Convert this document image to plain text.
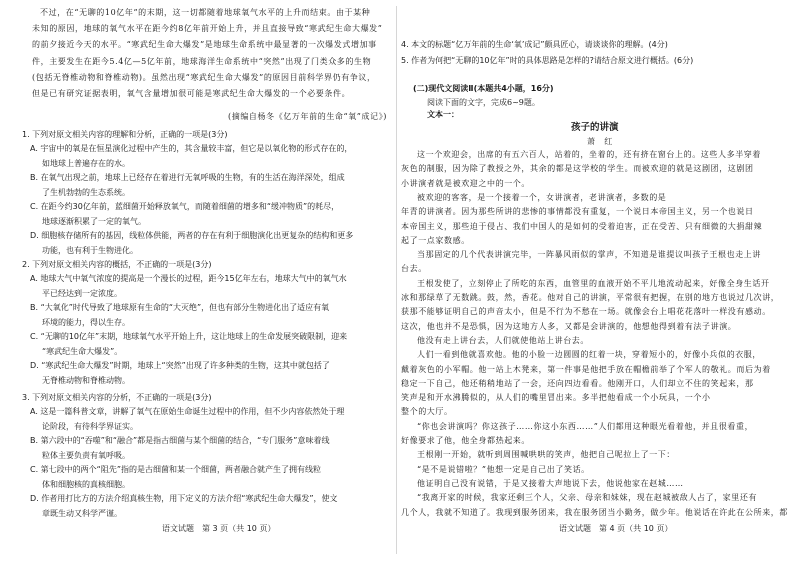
不过，在“无聊的10亿年”的末期，这一切都随着地球氧气水平的上升而结束。由于某种
未知的原因，地球的氧气水平在距今约8亿年前开始上升，并且直接导致“寒武纪生命大爆发”
的前夕接近今天的水平。“寒武纪生命大爆发”是地球生命系统中最显著的一次爆发式增加事
件，主要发生在距今5.4亿—5亿年前，地球海洋生命系统中“突然”出现了门类众多的生物
(包括无脊椎动物和脊椎动物)。虽然出现“寒武纪生命大爆发”的原因目前科学界仍有争议，
但是已有研究证据表明，氧气含量增加很可能是寒武纪生命大爆发的一个必要条件。
(摘编自杨冬《亿万年前的生命“氧”成记》)
1. 下列对原文相关内容的理解和分析，正确的一项是(3分)
A. 宇宙中的氧是在恒星演化过程中产生的，其含量较丰富，但它是以氧化物的形式存在的，
如地球上普遍存在的水。
B. 在氧气出现之前，地球上已经存在着进行无氧呼吸的生物，有的生活在海洋深处，组成
了生机勃勃的生态系统。
C. 在距今约30亿年前，蓝细菌开始释放氧气，而随着细菌的增多和“缓冲物质”的耗尽，
地球逐渐积累了一定的氧气。
D. 细胞核存储所有的基因，线粒体供能，两者的存在有利于细胞演化出更复杂的结构和更多
功能，也有利于生物进化。
2. 下列对原文相关内容的概括，不正确的一项是(3分)
A. 地球大气中氧气浓度的提高是一个漫长的过程，距今15亿年左右，地球大气中的氧气水
平已经达到一定浓度。
B. “大氧化”时代导致了地球原有生命的“大灭绝”，但也有部分生物进化出了适应有氧
环境的能力，得以生存。
C. “无聊的10亿年”末期，地球氧气水平开始上升，这让地球上的生命发展突破限制，迎来
“寒武纪生命大爆发”。
D. “寒武纪生命大爆发”时期，地球上“突然”出现了许多种类的生物，这其中就包括了
无脊椎动物和脊椎动物。
3. 下列对原文相关内容的分析，不正确的一项是(3分)
A. 这是一篇科普文章，讲解了氧气在原始生命诞生过程中的作用，但不少内容依然处于理
论阶段，有待科学界证实。
B. 第六段中的“吞噬”和“融合”都是指古细菌与某个细菌的结合，“专门服务”意味着线
粒体主要负责有氧呼吸。
C. 第七段中的两个“阻先”指的是古细菌和某一个细菌，两者融合就产生了拥有线粒
体和细胞核的真核细胞。
D. 作者用打比方的方法介绍真核生物，用下定义的方法介绍“寒武纪生命大爆发”，使文
章既生动又科学严谨。
语文试题　第 3 页（共 10 页）
4. 本文的标题“亿万年前的生命‘氧’成记”颇具匠心，请谈谈你的理解。(4分)
5. 作者为何把“无聊的10亿年”时的具体思路是怎样的?请结合原文进行概括。(6分)
(二)现代文阅读Ⅱ(本题共4小题，16分)
阅读下面的文字，完成6~9题。
文本一：
孩子的讲演
萧　红
这一个欢迎会，出席的有五六百人，站着的，坐着的，还有挤在窗台上的。这些人多半穿着
灰色的制服，因为除了教授之外，其余的都是这学校的学生。而被欢迎的就是这剧团，这剧团
小讲演者就是被欢迎之中的一个。
被欢迎的客客，是一个接着一个，女讲演者，老讲演者，多数的是
年青的讲演者。因为那些所讲的悲惨的事情都没有重复，一个说日本帝国主义，另一个也说日
本帝国主义，那些迫于侵占、我们中国人的是如何的受着迫害，正在受苦、只有细微的大捐甜辣
起了一点家数感。
当那固定的几个代表讲演完毕，一阵暴风雨似的掌声，不知道是谁提议叫孩子王根也走上讲
台去。
王根发使了，立刻停止了所吃的东西，血管里的血液开始不平儿地流动起来，好像全身生话开
冰和那绿草了无数跳。鼓，然，香花。他对自己的讲演，平常很有把握，在别的地方也说过几次讲，
获那不能够证明自己的声音太小，但是不行为不愁在一场。就像会台上唱花花落叶一样没有感动。
这次，他也并不是恐惧，因为这地方人多，又都是会讲演的，他想他得到着有法子讲演。
他没有走上讲台去，人们就使他站上讲台去。
人们一看到他就喜欢他。他的小脸一边圆圆的红着一块，穿着短小的，好像小兵似的衣服，
戴着灰色的小军帽。他一站上木凳来，第一件事是他把手放在帽檐前举了个军人的敬礼。而后为着
稳定一下自己，他还稍稍地站了一会，还向四边看看。他刚开口，人们却立不住的笑起来，那
笑声是和开水沸腾似的，从人们的嘴里冒出来。多半把他看成一个小玩具，一个小
整个的大厅。
“你也会讲演吗？你这孩子……你这小东西……”人们都用这种眼光看着他，并且很看重，
好像要求了他，他全身都热起来。
王根刚一开始，就听到周围喊哄哄的笑声，他把自己呢拉上了一下：
“是不是说错啦？”他想一定是自己出了笑话。
他证明自己没有说错，于是又接着大声地说下去，他说他家在赵城……
“我离开家的时候，我家还剩三个人，父亲、母亲和妹妹，现在赵城被敌人占了，家里还有
几个人，我就不知道了。我现到服务团来，我在服务团当小勤务，做少年。他说话在许此在公所来，都
语文试题　第 4 页（共 10 页）
